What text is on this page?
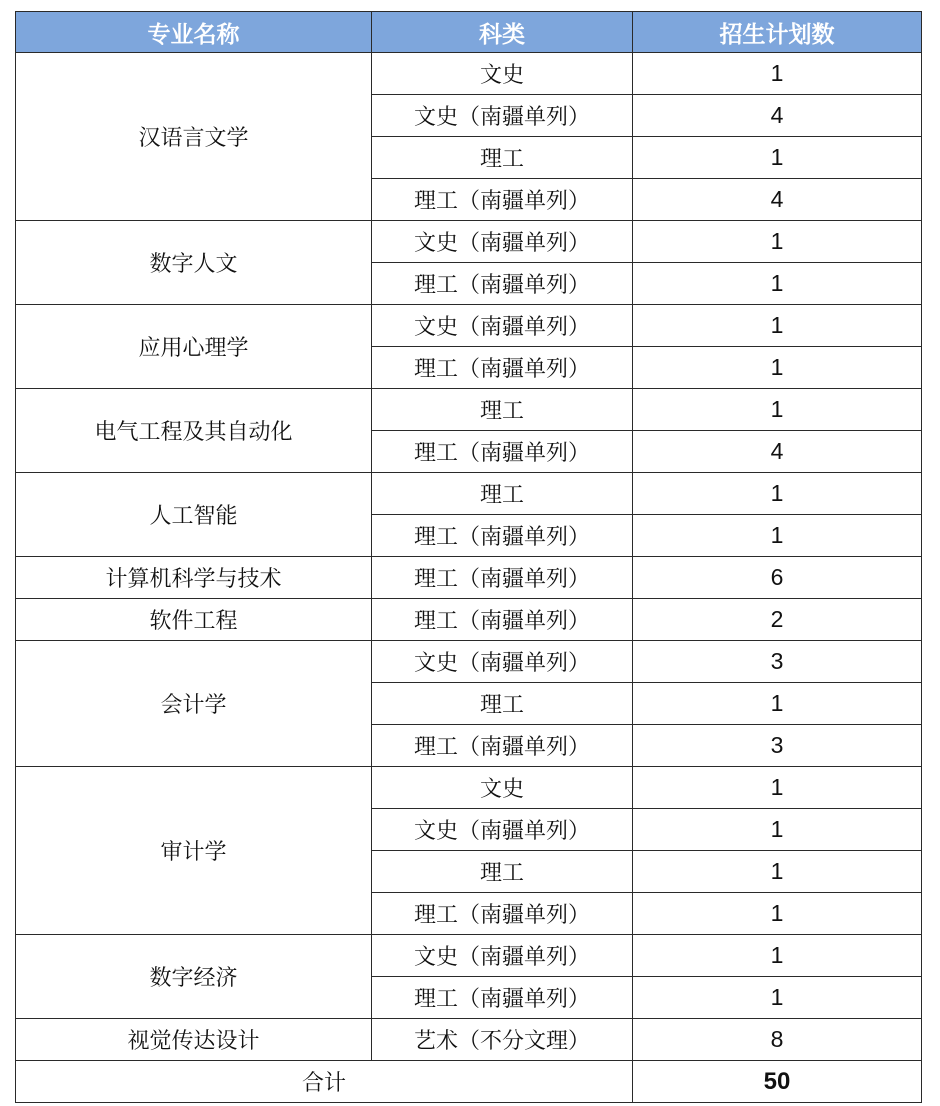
专业名称	科类	招生计划数
汉语言文学	文史	1
	文史（南疆单列）	4
	理工	1
	理工（南疆单列）	4
数字人文	文史（南疆单列）	1
	理工（南疆单列）	1
应用心理学	文史（南疆单列）	1
	理工（南疆单列）	1
电气工程及其自动化	理工	1
	理工（南疆单列）	4
人工智能	理工	1
	理工（南疆单列）	1
计算机科学与技术	理工（南疆单列）	6
软件工程	理工（南疆单列）	2
会计学	文史（南疆单列）	3
	理工	1
	理工（南疆单列）	3
审计学	文史	1
	文史（南疆单列）	1
	理工	1
	理工（南疆单列）	1
数字经济	文史（南疆单列）	1
	理工（南疆单列）	1
视觉传达设计	艺术（不分文理）	8
合计		50
